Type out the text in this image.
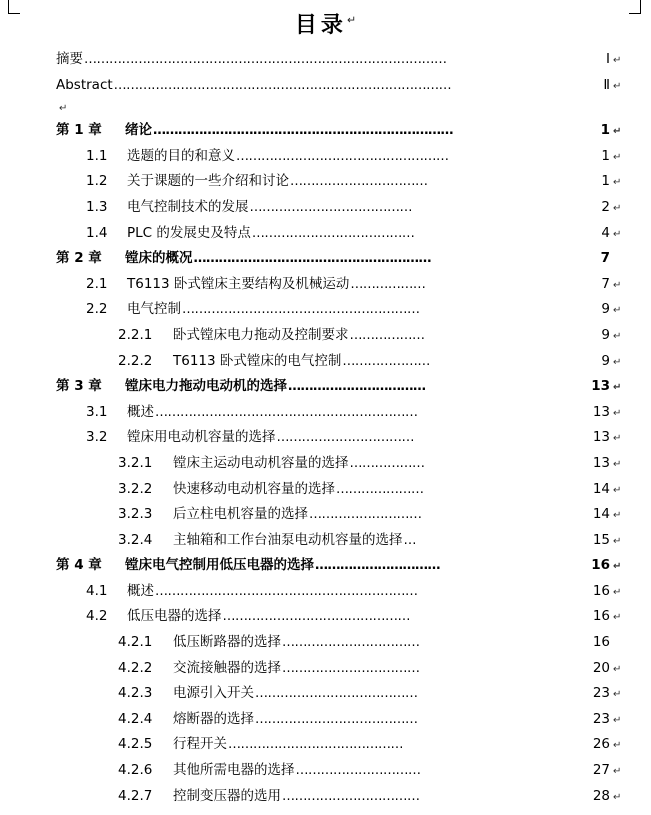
目录↵
摘要 ……………………………………………………………………………	Ⅰ ↵
Abstract ………………………………………………………………………	Ⅱ ↵
↵
第 1 章	绪论 ………………………………………………………………	1 ↵
1.1	选题的目的和意义 ……………………………………………	1 ↵
1.2	关于课题的一些介绍和讨论 ……………………………	1 ↵
1.3	电气控制技术的发展 …………………………………	2 ↵
1.4	PLC 的发展史及特点 …………………………………	4 ↵
第 2 章	镗床的概况 …………………………………………………	7
2.1	T6113 卧式镗床主要结构及机械运动 ………………	7 ↵
2.2	电气控制 …………………………………………………	9 ↵
2.2.1	卧式镗床电力拖动及控制要求 ………………	9 ↵
2.2.2	T6113 卧式镗床的电气控制 …………………	9 ↵
第 3 章	镗床电力拖动电动机的选择 ……………………………	13 ↵
3.1	概述 ………………………………………………………	13 ↵
3.2	镗床用电动机容量的选择 ……………………………	13 ↵
3.2.1	镗床主运动电动机容量的选择 ………………	13 ↵
3.2.2	快速移动电动机容量的选择 …………………	14 ↵
3.2.3	后立柱电机容量的选择 ………………………	14 ↵
3.2.4	主轴箱和工作台油泵电动机容量的选择 …	15 ↵
第 4 章	镗床电气控制用低压电器的选择 …………………………	16 ↵
4.1	概述 ………………………………………………………	16 ↵
4.2	低压电器的选择 ………………………………………	16 ↵
4.2.1	低压断路器的选择 ……………………………	16
4.2.2	交流接触器的选择 ……………………………	20 ↵
4.2.3	电源引入开关 …………………………………	23 ↵
4.2.4	熔断器的选择 …………………………………	23 ↵
4.2.5	行程开关 ……………………………………	26 ↵
4.2.6	其他所需电器的选择 …………………………	27 ↵
4.2.7	控制变压器的选用 ……………………………	28 ↵
